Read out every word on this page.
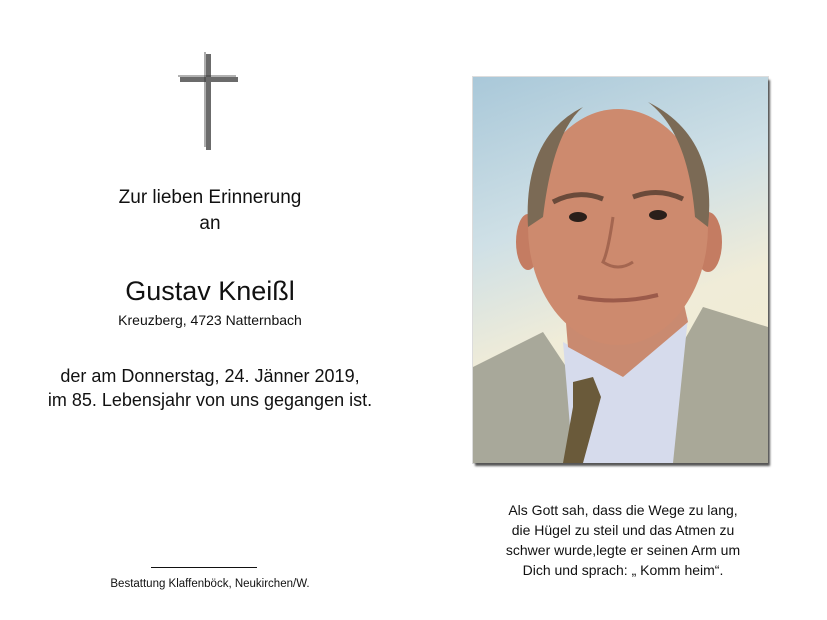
Zur lieben Erinnerung
an
Gustav Kneißl
Kreuzberg, 4723 Natternbach
der am Donnerstag, 24. Jänner 2019,
im 85. Lebensjahr von uns gegangen ist.
Bestattung Klaffenböck, Neukirchen/W.
Als Gott sah, dass die Wege zu lang,
die Hügel zu steil und das Atmen zu
schwer wurde,legte er seinen Arm um
Dich und sprach: „ Komm heim“.
